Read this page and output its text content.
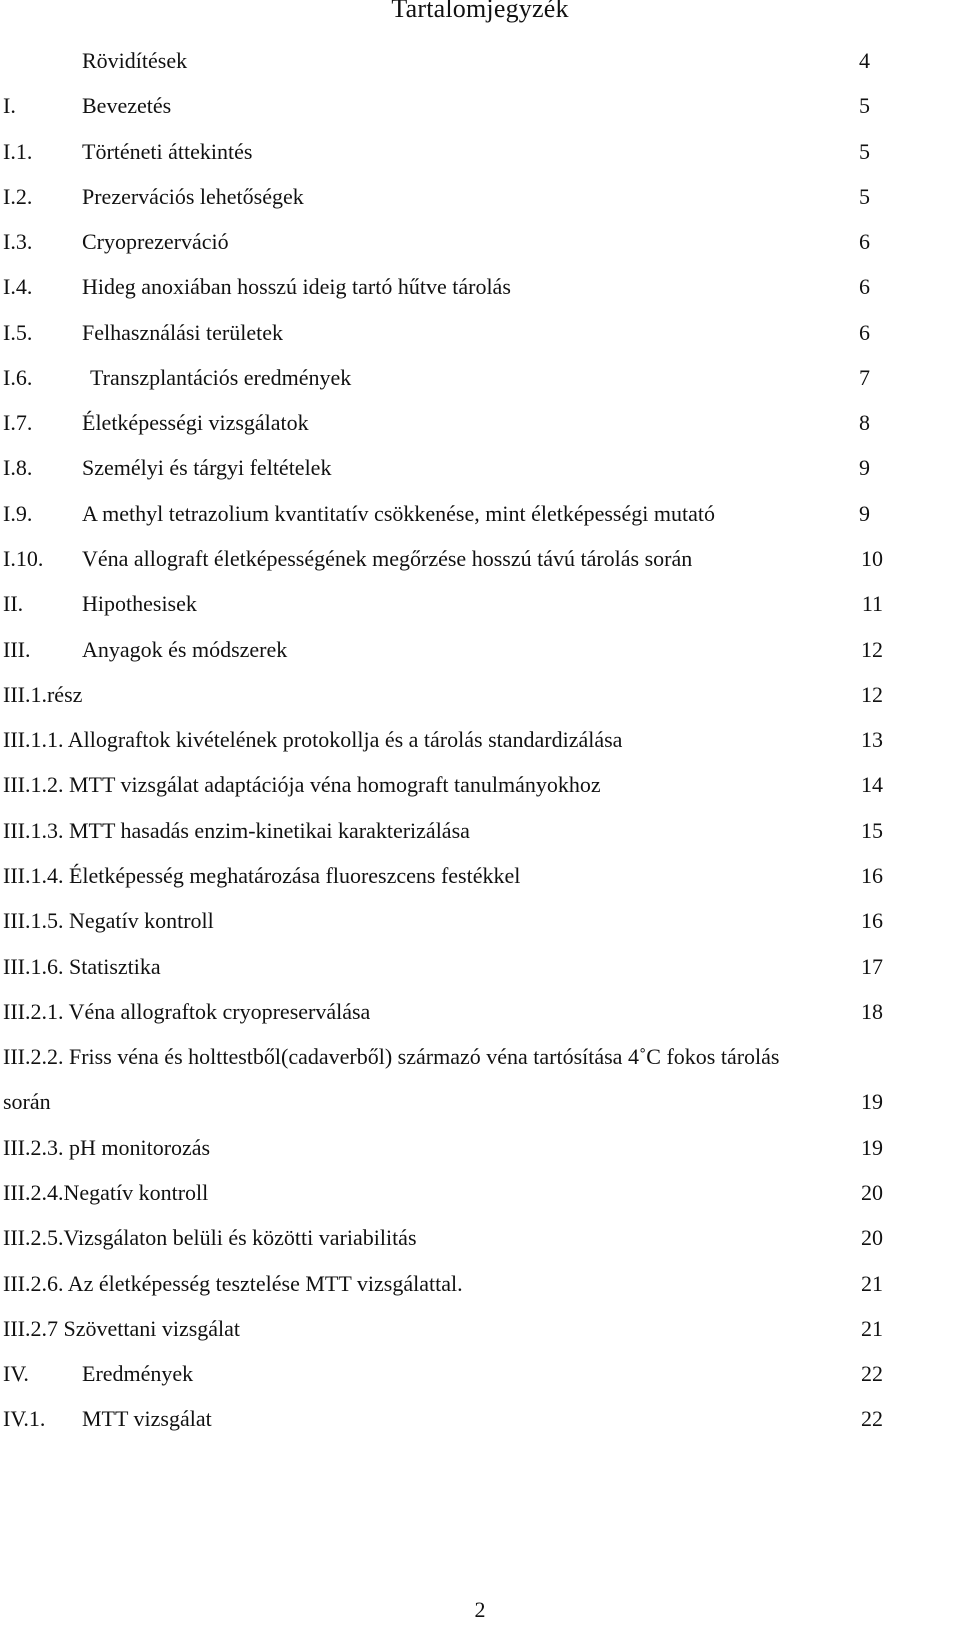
Tartalomjegyzék
Rövidítések	4
I.	Bevezetés	5
I.1. Történeti áttekintés	5
I.2. Prezervációs lehetőségek	5
I.3. Cryoprezerváció	6
I.4. Hideg anoxiában hosszú ideig tartó hűtve tárolás	6
I.5. Felhasználási területek	6
I.6.	Transzplantációs eredmények	7
I.7. Életképességi vizsgálatok	8
I.8. Személyi és tárgyi feltételek	9
I.9. A methyl tetrazolium kvantitatív csökkenése, mint életképességi mutató	9
I.10. Véna allograft életképességének megőrzése hosszú távú tárolás során	10
II.	Hipothesisek	11
III. Anyagok és módszerek	12
III.1.rész	12
III.1.1. Allograftok kivételének protokollja és a tárolás standardizálása	13
III.1.2. MTT vizsgálat adaptációja véna homograft tanulmányokhoz	14
III.1.3. MTT hasadás enzim-kinetikai karakterizálása	15
III.1.4. Életképesség meghatározása fluoreszcens festékkel	16
III.1.5. Negatív kontroll	16
III.1.6. Statisztika	17
III.2.1. Véna allograftok cryopreserválása	18
III.2.2. Friss véna és holttestből(cadaverből) származó véna tartósítása 4˚C fokos tárolás
során	19
III.2.3. pH monitorozás	19
III.2.4.Negatív kontroll	20
III.2.5.Vizsgálaton belüli és közötti variabilitás	20
III.2.6. Az életképesség tesztelése MTT vizsgálattal.	21
III.2.7 Szövettani vizsgálat	21
IV. Eredmények	22
IV.1. MTT vizsgálat	22
2
